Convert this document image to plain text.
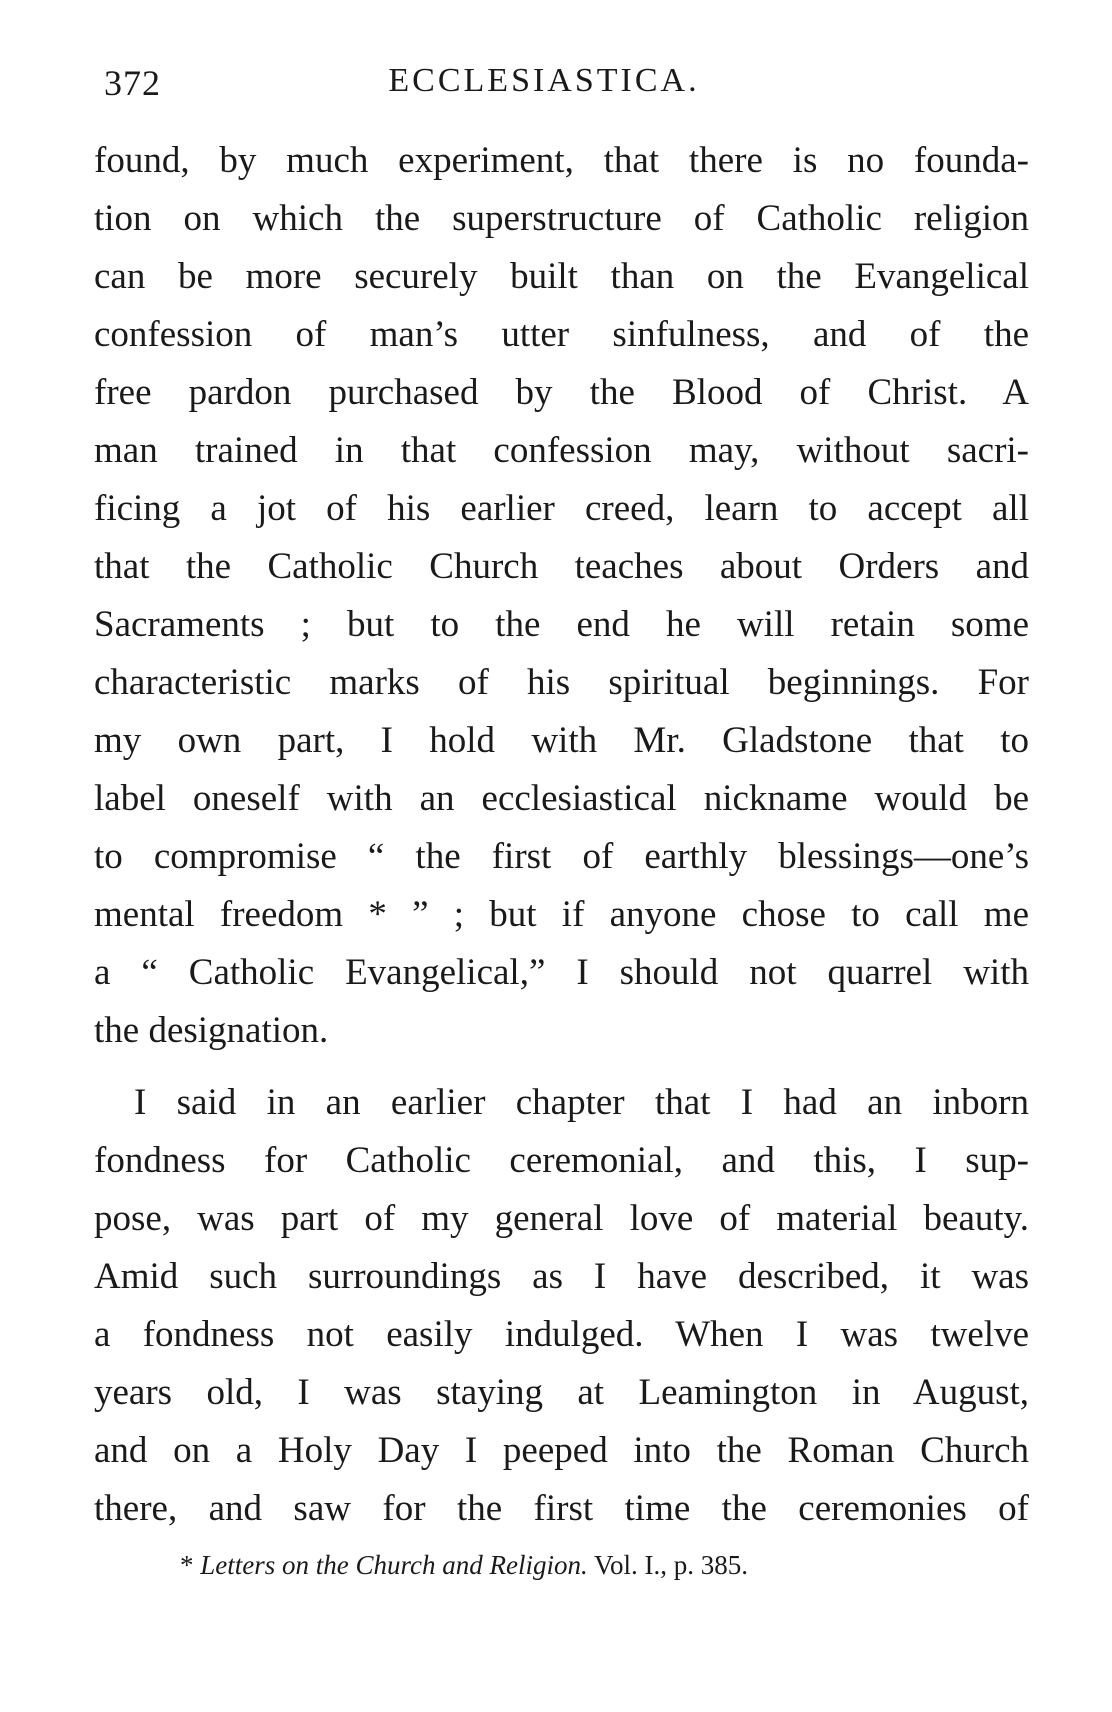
372	ECCLESIASTICA.
found, by much experiment, that there is no founda-
tion on which the superstructure of Catholic religion
can be more securely built than on the Evangelical
confession of man’s utter sinfulness, and of the
free pardon purchased by the Blood of Christ. A
man trained in that confession may, without sacri-
ficing a jot of his earlier creed, learn to accept all
that the Catholic Church teaches about Orders and
Sacraments ; but to the end he will retain some
characteristic marks of his spiritual beginnings. For
my own part, I hold with Mr. Gladstone that to
label oneself with an ecclesiastical nickname would be
to compromise “ the first of earthly blessings—one’s
mental freedom * ” ; but if anyone chose to call me
a “ Catholic Evangelical,” I should not quarrel with
the designation.
I said in an earlier chapter that I had an inborn
fondness for Catholic ceremonial, and this, I sup-
pose, was part of my general love of material beauty.
Amid such surroundings as I have described, it was
a fondness not easily indulged. When I was twelve
years old, I was staying at Leamington in August,
and on a Holy Day I peeped into the Roman Church
there, and saw for the first time the ceremonies of
* Letters on the Church and Religion. Vol. I., p. 385.
